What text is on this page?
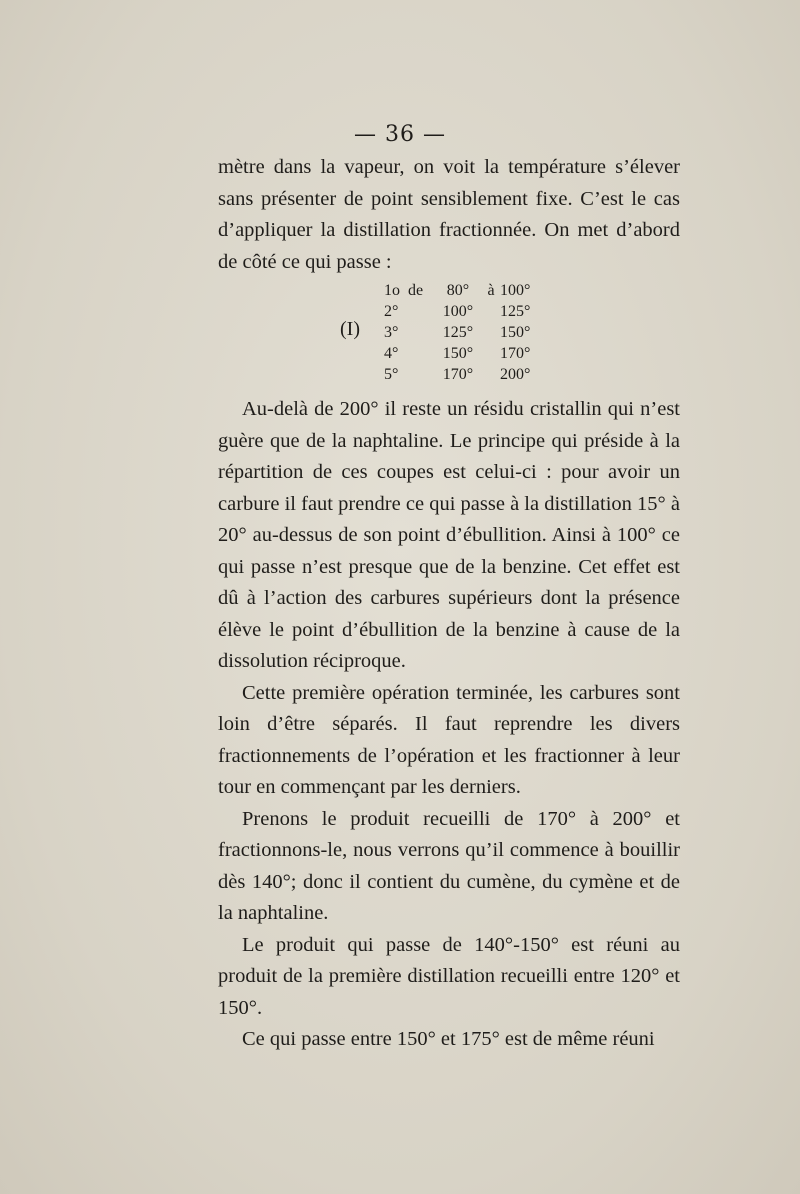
— 36 —

mètre dans la vapeur, on voit la température s’élever sans présenter de point sensiblement fixe. C’est le cas d’appliquer la distillation fractionnée. On met d’abord de côté ce qui passe :

(I)
1o de	80°	à 100°
2°	100°	125°
3°	125°	150°
4°	150°	170°
5°	170°	200°

Au-delà de 200° il reste un résidu cristallin qui n’est guère que de la naphtaline. Le principe qui préside à la répartition de ces coupes est celui-ci : pour avoir un carbure il faut prendre ce qui passe à la distillation 15° à 20° au-dessus de son point d’ébullition. Ainsi à 100° ce qui passe n’est presque que de la benzine. Cet effet est dû à l’action des carbures supérieurs dont la présence élève le point d’ébullition de la benzine à cause de la dissolution réciproque.

Cette première opération terminée, les carbures sont loin d’être séparés. Il faut reprendre les divers fractionnements de l’opération et les fractionner à leur tour en commençant par les derniers.

Prenons le produit recueilli de 170° à 200° et fractionnons-le, nous verrons qu’il commence à bouillir dès 140°; donc il contient du cumène, du cymène et de la naphtaline.

Le produit qui passe de 140°-150° est réuni au produit de la première distillation recueilli entre 120° et 150°.

Ce qui passe entre 150° et 175° est de même réuni
